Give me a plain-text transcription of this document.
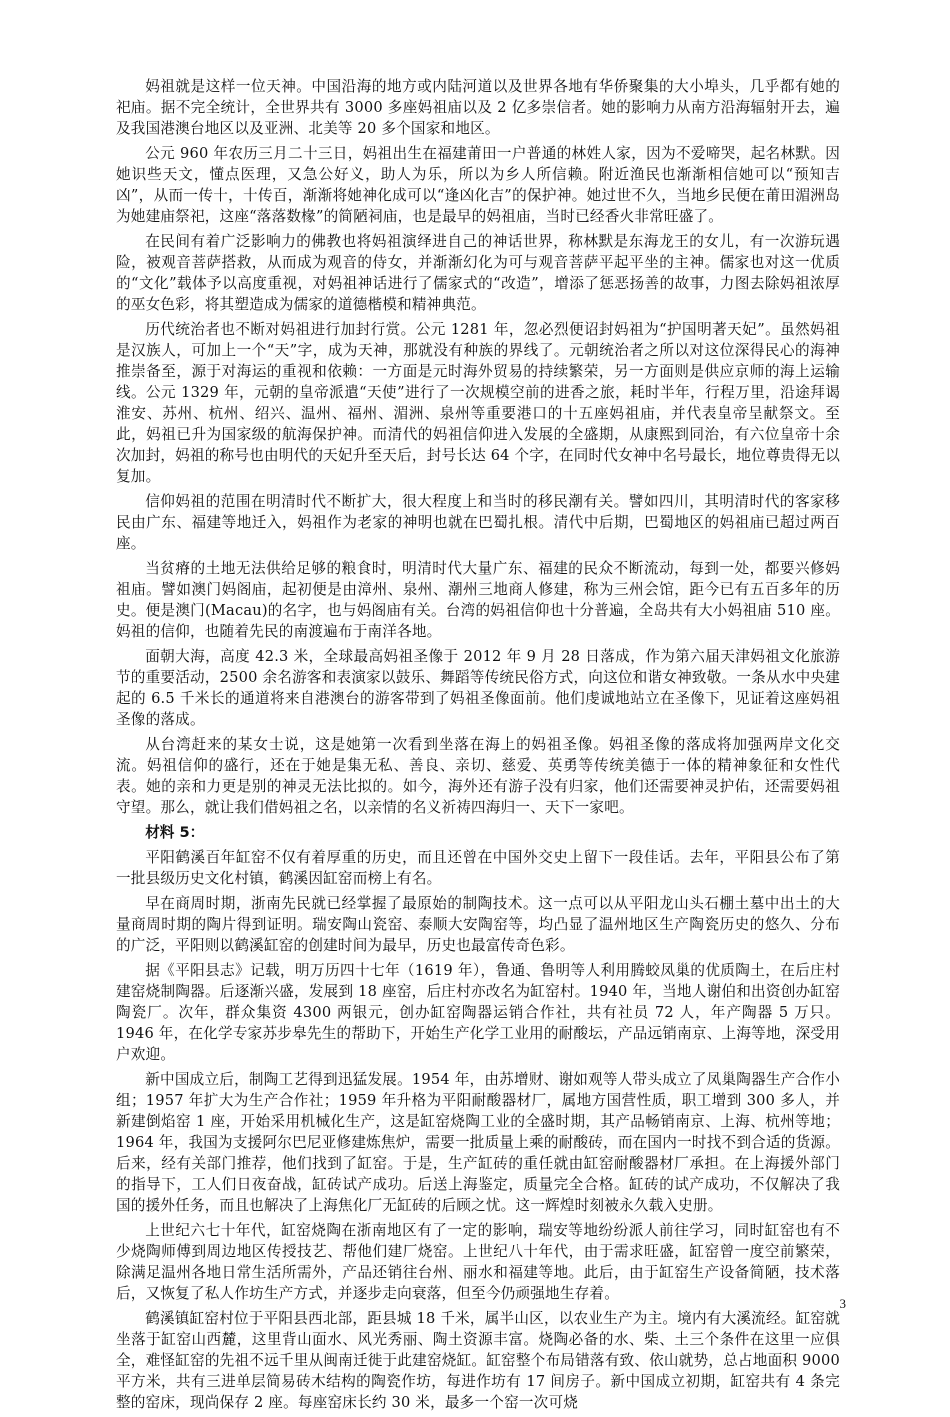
妈祖就是这样一位天神。中国沿海的地方或内陆河道以及世界各地有华侨聚集的大小埠头，几乎都有她的祀庙。据不完全统计，全世界共有 3000 多座妈祖庙以及 2 亿多崇信者。她的影响力从南方沿海辐射开去，遍及我国港澳台地区以及亚洲、北美等 20 多个国家和地区。

公元 960 年农历三月二十三日，妈祖出生在福建莆田一户普通的林姓人家，因为不爱啼哭，起名林默。因她识些天文，懂点医理，又急公好义，助人为乐，所以为乡人所信赖。附近渔民也渐渐相信她可以“预知吉凶”，从而一传十，十传百，渐渐将她神化成可以“逢凶化吉”的保护神。她过世不久，当地乡民便在莆田湄洲岛为她建庙祭祀，这座“落落数椽”的简陋祠庙，也是最早的妈祖庙，当时已经香火非常旺盛了。

在民间有着广泛影响力的佛教也将妈祖演绎进自己的神话世界，称林默是东海龙王的女儿，有一次游玩遇险，被观音菩萨搭救，从而成为观音的侍女，并渐渐幻化为可与观音菩萨平起平坐的主神。儒家也对这一优质的“文化”载体予以高度重视，对妈祖神话进行了儒家式的“改造”，增添了惩恶扬善的故事，力图去除妈祖浓厚的巫女色彩，将其塑造成为儒家的道德楷模和精神典范。

历代统治者也不断对妈祖进行加封行赏。公元 1281 年，忽必烈便诏封妈祖为“护国明著天妃”。虽然妈祖是汉族人，可加上一个“天”字，成为天神，那就没有种族的界线了。元朝统治者之所以对这位深得民心的海神推崇备至，源于对海运的重视和依赖：一方面是元时海外贸易的持续繁荣，另一方面则是供应京师的海上运输线。公元 1329 年，元朝的皇帝派遣“天使”进行了一次规模空前的进香之旅，耗时半年，行程万里，沿途拜谒淮安、苏州、杭州、绍兴、温州、福州、湄洲、泉州等重要港口的十五座妈祖庙，并代表皇帝呈献祭文。至此，妈祖已升为国家级的航海保护神。而清代的妈祖信仰进入发展的全盛期，从康熙到同治，有六位皇帝十余次加封，妈祖的称号也由明代的天妃升至天后，封号长达 64 个字，在同时代女神中名号最长，地位尊贵得无以复加。

信仰妈祖的范围在明清时代不断扩大，很大程度上和当时的移民潮有关。譬如四川，其明清时代的客家移民由广东、福建等地迁入，妈祖作为老家的神明也就在巴蜀扎根。清代中后期，巴蜀地区的妈祖庙已超过两百座。

当贫瘠的土地无法供给足够的粮食时，明清时代大量广东、福建的民众不断流动，每到一处，都要兴修妈祖庙。譬如澳门妈阁庙，起初便是由漳州、泉州、潮州三地商人修建，称为三州会馆，距今已有五百多年的历史。便是澳门(Macau)的名字，也与妈阁庙有关。台湾的妈祖信仰也十分普遍，全岛共有大小妈祖庙 510 座。妈祖的信仰，也随着先民的南渡遍布于南洋各地。

面朝大海，高度 42.3 米，全球最高妈祖圣像于 2012 年 9 月 28 日落成，作为第六届天津妈祖文化旅游节的重要活动，2500 余名游客和表演家以鼓乐、舞蹈等传统民俗方式，向这位和谐女神致敬。一条从水中央建起的 6.5 千米长的通道将来自港澳台的游客带到了妈祖圣像面前。他们虔诚地站立在圣像下，见证着这座妈祖圣像的落成。

从台湾赶来的某女士说，这是她第一次看到坐落在海上的妈祖圣像。妈祖圣像的落成将加强两岸文化交流。妈祖信仰的盛行，还在于她是集无私、善良、亲切、慈爱、英勇等传统美德于一体的精神象征和女性代表。她的亲和力更是别的神灵无法比拟的。如今，海外还有游子没有归家，他们还需要神灵护佑，还需要妈祖守望。那么，就让我们借妈祖之名，以亲情的名义祈祷四海归一、天下一家吧。

材料 5：

平阳鹤溪百年缸窑不仅有着厚重的历史，而且还曾在中国外交史上留下一段佳话。去年，平阳县公布了第一批县级历史文化村镇，鹤溪因缸窑而榜上有名。

早在商周时期，浙南先民就已经掌握了最原始的制陶技术。这一点可以从平阳龙山头石棚土墓中出土的大量商周时期的陶片得到证明。瑞安陶山瓷窑、泰顺大安陶窑等，均凸显了温州地区生产陶瓷历史的悠久、分布的广泛，平阳则以鹤溪缸窑的创建时间为最早，历史也最富传奇色彩。

据《平阳县志》记载，明万历四十七年（1619 年），鲁通、鲁明等人利用腾蛟凤巢的优质陶土，在后庄村建窑烧制陶器。后逐渐兴盛，发展到 18 座窑，后庄村亦改名为缸窑村。1940 年，当地人谢伯和出资创办缸窑陶瓷厂。次年，群众集资 4300 两银元，创办缸窑陶器运销合作社，共有社员 72 人，年产陶器 5 万只。1946 年，在化学专家苏步皋先生的帮助下，开始生产化学工业用的耐酸坛，产品远销南京、上海等地，深受用户欢迎。

新中国成立后，制陶工艺得到迅猛发展。1954 年，由苏增财、谢如观等人带头成立了凤巢陶器生产合作小组；1957 年扩大为生产合作社；1959 年升格为平阳耐酸器材厂，属地方国营性质，职工增到 300 多人，并新建倒焰窑 1 座，开始采用机械化生产，这是缸窑烧陶工业的全盛时期，其产品畅销南京、上海、杭州等地；1964 年，我国为支援阿尔巴尼亚修建炼焦炉，需要一批质量上乘的耐酸砖，而在国内一时找不到合适的货源。后来，经有关部门推荐，他们找到了缸窑。于是，生产缸砖的重任就由缸窑耐酸器材厂承担。在上海援外部门的指导下，工人们日夜奋战，缸砖试产成功。后送上海鉴定，质量完全合格。缸砖的试产成功，不仅解决了我国的援外任务，而且也解决了上海焦化厂无缸砖的后顾之忧。这一辉煌时刻被永久载入史册。

上世纪六七十年代，缸窑烧陶在浙南地区有了一定的影响，瑞安等地纷纷派人前往学习，同时缸窑也有不少烧陶师傅到周边地区传授技艺、帮他们建厂烧窑。上世纪八十年代，由于需求旺盛，缸窑曾一度空前繁荣，除满足温州各地日常生活所需外，产品还销往台州、丽水和福建等地。此后，由于缸窑生产设备简陋，技术落后，又恢复了私人作坊生产方式，并逐步走向衰落，但至今仍顽强地生存着。

鹤溪镇缸窑村位于平阳县西北部，距县城 18 千米，属半山区，以农业生产为主。境内有大溪流经。缸窑就坐落于缸窑山西麓，这里背山面水、风光秀丽、陶土资源丰富。烧陶必备的水、柴、土三个条件在这里一应俱全，难怪缸窑的先祖不远千里从闽南迁徙于此建窑烧缸。缸窑整个布局错落有致、依山就势，总占地面积 9000 平方米，共有三进单层简易砖木结构的陶瓷作坊，每进作坊有 17 间房子。新中国成立初期，缸窑共有 4 条完整的窑床，现尚保存 2 座。每座窑床长约 30 米，最多一个窑一次可烧

3
